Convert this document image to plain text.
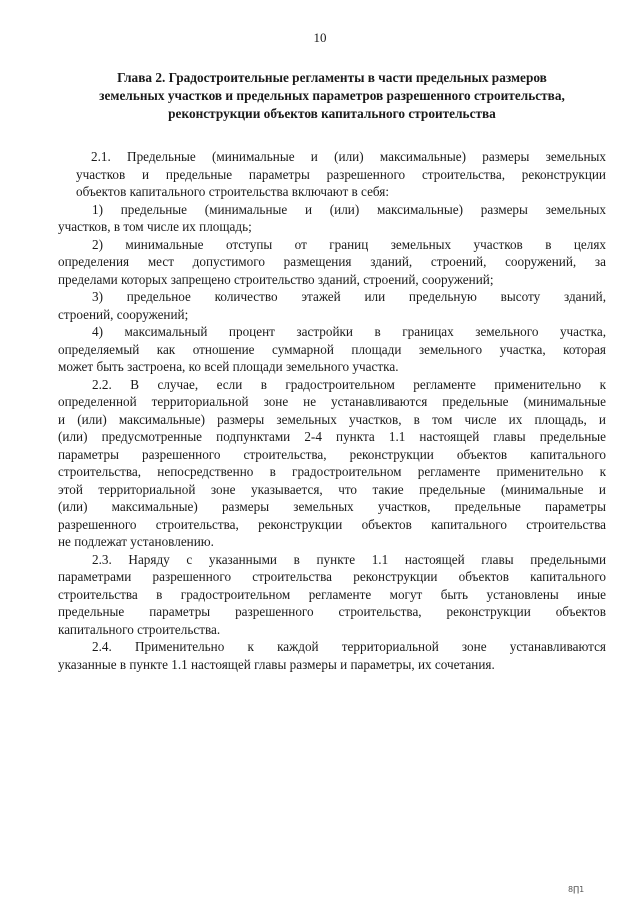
10
Глава 2. Градостроительные регламенты в части предельных размеров
земельных участков и предельных параметров разрешенного строительства,
реконструкции объектов капитального строительства
2.1. Предельные (минимальные и (или) максимальные) размеры земельных
участков и предельные параметры разрешенного строительства, реконструкции
объектов капитального строительства включают в себя:
1) предельные (минимальные и (или) максимальные) размеры земельных
участков, в том числе их площадь;
2) минимальные отступы от границ земельных участков в целях
определения мест допустимого размещения зданий, строений, сооружений, за
пределами которых запрещено строительство зданий, строений, сооружений;
3) предельное количество этажей или предельную высоту зданий,
строений, сооружений;
4) максимальный процент застройки в границах земельного участка,
определяемый как отношение суммарной площади земельного участка, которая
может быть застроена, ко всей площади земельного участка.
2.2. В случае, если в градостроительном регламенте применительно к
определенной территориальной зоне не устанавливаются предельные (минимальные
и (или) максимальные) размеры земельных участков, в том числе их площадь, и
(или) предусмотренные подпунктами 2-4 пункта 1.1 настоящей главы предельные
параметры разрешенного строительства, реконструкции объектов капитального
строительства, непосредственно в градостроительном регламенте применительно к
этой территориальной зоне указывается, что такие предельные (минимальные и
(или) максимальные) размеры земельных участков, предельные параметры
разрешенного строительства, реконструкции объектов капитального строительства
не подлежат установлению.
2.3. Наряду с указанными в пункте 1.1 настоящей главы предельными
параметрами разрешенного строительства реконструкции объектов капитального
строительства в градостроительном регламенте могут быть установлены иные
предельные параметры разрешенного строительства, реконструкции объектов
капитального строительства.
2.4. Применительно к каждой территориальной зоне устанавливаются
указанные в пункте 1.1 настоящей главы размеры и параметры, их сочетания.
8∏1
